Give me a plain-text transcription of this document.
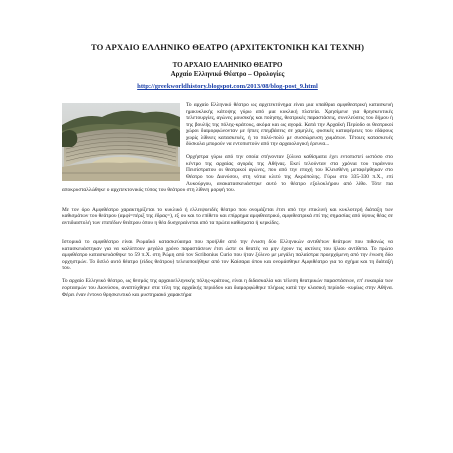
ΤΟ ΑΡΧΑΙΟ ΕΛΛΗΝΙΚΟ ΘΕΑΤΡΟ (ΑΡΧΙΤΕΚΤΟΝΙΚΗ ΚΑΙ ΤΕΧΝΗ)
ΤΟ ΑΡΧΑΙΟ ΕΛΛΗΝΙΚΟ ΘΕΑΤΡΟ
Αρχαίο Ελληνικό Θέατρο – Ορολογίες
http://greekworldhistory.blogspot.com/2013/08/blog-post_9.html

Το αρχαίο Ελληνικό θέατρο ως αρχιτεκτόνημα είναι μια υπαίθρια αμφιθεατρική κατασκευή ημικυκλικής κάτοψης γύρω από μια κυκλική πλατεία. Χρησίμευε για θρησκευτικές τελετουργίες, αγώνες μουσικής και ποίησης, θεατρικές παραστάσεις, συνελεύσεις του δήμου ή της βουλής της πόλης-κράτους, ακόμα και ως αγορά. Κατά την Αρχαϊκή Περίοδο οι θεατρικοί χώροι διαμορφώνονταν με ήπιες επεμβάσεις σε χαμηλές, φυσικές καταφέρειες του εδάφους χωρίς λίθινες κατασκευές, ή το πολύ-πολύ με συσσώρευση χωμάτων. Τέτοιες κατασκευές δύσκολα μπορούν να εντοπιστούν από την αρχαιολογική έρευνα...

Ορχήστρα γύρω από την οποία στήνονταν ξύλινα καθίσματα έχει εντοπιστεί ωστόσο στο κέντρο της αρχαίας αγοράς της Αθήνας. Εκεί τελούνταν στα χρόνια του τυράννου Πεισίστρατου οι θεατρικοί αγώνες, που από την εποχή του Κλεισθένη μεταφέρθηκαν στο Θέατρο του Διονύσου, στη νότια κλιτύ της Ακρόπολης. Γύρω στο 335-330 π.Χ., επί Λυκούργου, ανακατασκευάστηκε αυτό το θέατρο εξολοκλήρου από λίθο. Τότε πια αποκρυσταλλώθηκε ο αρχιτεκτονικός τύπος του θεάτρου στη λίθινη μορφή του.

Με τον όρο Αμφιθέατρο χαρακτηρίζεται το κυκλικό ή ελλειψοειδές θέατρο που ονομάζεται έτσι από την επικλινή και κυκλοτερή διάταξη των καθισμάτων του θεάτρου (αμφί=πέριξ της έδρας=), εξ ου και το επίθετο και επίρρημα αμφιθεατρικό, αμφιθεατρικά επί της σημασίας από ύψους θέας σε αντιδιαστολή των επιπέδων θεάτρου όπου η θέα δυσχεραίνεται από τα πρώτα καθίσματα ή κερκίδες.

Ιστορικά το αμφιθέατρο είναι Ρωμαϊκό κατασκεύασμα που προήλθε από την ένωση δύο Ελληνικών αντιθέτων θεάτρων που πιθανώς να κατασκευάστηκαν για να καλύπτουν μεγάλο χρόνο παραστάσεων έτσι ώστε οι θεατές να μην έχουν τις ακτίνες του ήλιου αντίθετα. Το πρώτο αμφιθέατρο κατασκευάσθηκε το 59 π.Χ. στη Ρώμη από τον Scribonius Curio που ήταν ξύλινο με μεγάλη παλαίστρα προερχόμενη από την ένωση δύο ορχηστρών. Το διπλό αυτό θέατρο (είδος θεάτρου) τελειοποιήθηκε από τον Καίσαρα όπου και ονομάσθηκε Αμφιθέατρο για το σχήμα και τη διάταξή του.

Το αρχαίο Ελληνικό θέατρο, ως θεσμός της αρχαιοελληνικής πόλης-κράτους, είναι η διδασκαλία και τέλεση θεατρικών παραστάσεων, επ' ευκαιρία των εορτασμών του Διονύσου, αναπτύχθηκε στα τέλη της αρχαϊκής περιόδου και διαμορφώθηκε πλήρως κατά την κλασική περίοδο -κυρίως στην Αθήνα. Φέρει έναν έντονο θρησκευτικό και μυστηριακό χαρακτήρα
